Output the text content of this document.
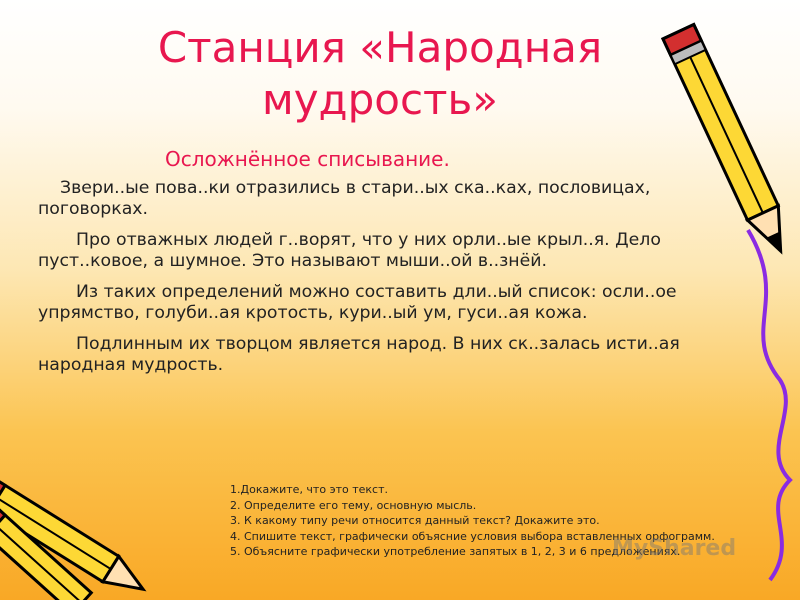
Станция «Народная мудрость»
Осложнённое списывание.

Звери..ые пова..ки отразились в стари..ых ска..ках, пословицах, поговорках.

Про отважных людей г..ворят, что у них орли..ые крыл..я. Дело пуст..ковое, а шумное. Это называют мыши..ой в..знёй.

Из таких определений можно составить дли..ый список: осли..ое упрямство, голуби..ая кротость, кури..ый ум, гуси..ая кожа.

Подлинным их творцом является народ. В них ск..залась исти..ая народная мудрость.

1.Докажите, что это текст.
2. Определите его тему, основную мысль.
3. К какому типу речи относится данный текст? Докажите это.
4. Спишите текст, графически объясние условия выбора вставленных орфограмм.
5. Объясните графически употребление запятых в 1, 2, 3 и 6 предложениях.
MyShared
